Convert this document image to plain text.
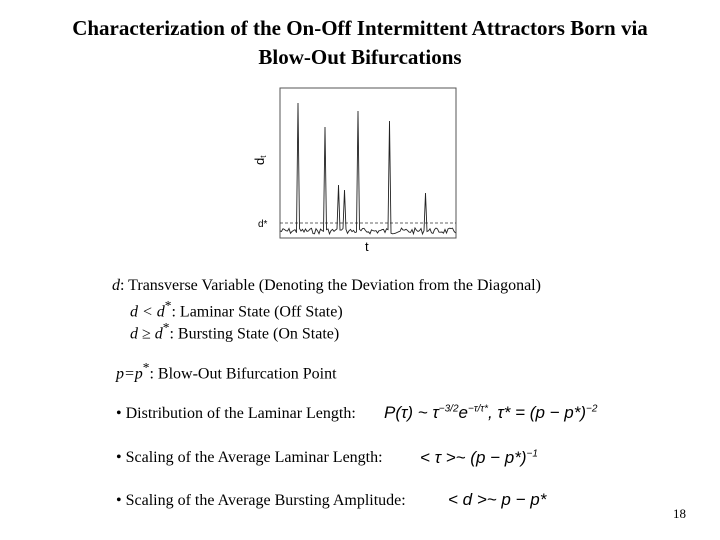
Characterization of the On-Off Intermittent Attractors Born via
Blow-Out Bifurcations
dt
d*
t
d: Transverse Variable (Denoting the Deviation from the Diagonal)
d < d*: Laminar State (Off State)
d ≥ d*: Bursting State (On State)
p=p*: Blow-Out Bifurcation Point
• Distribution of the Laminar Length: P(τ) ~ $\tau^{-3/2}e^{-\tau/\tau*}$, $\tau* = (p - p*)^{-2}$
• Scaling of the Average Laminar Length: < τ >~ $(p - p*)^{-1}$
• Scaling of the Average Bursting Amplitude: < d >~ p − p*
18
